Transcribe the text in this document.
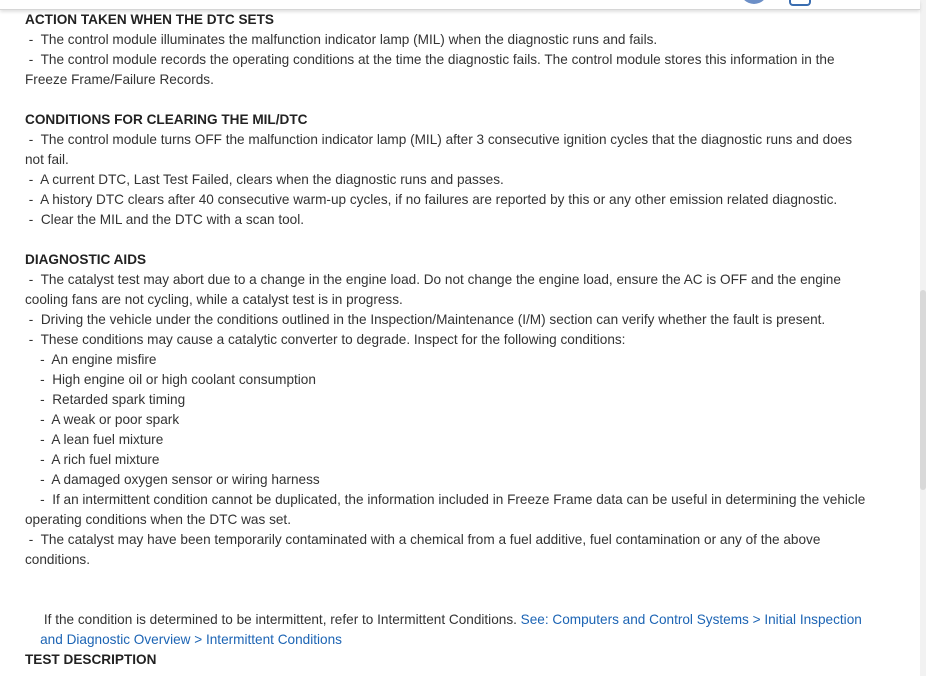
ACTION TAKEN WHEN THE DTC SETS
-  The control module illuminates the malfunction indicator lamp (MIL) when the diagnostic runs and fails.
-  The control module records the operating conditions at the time the diagnostic fails. The control module stores this information in the
Freeze Frame/Failure Records.
CONDITIONS FOR CLEARING THE MIL/DTC
-  The control module turns OFF the malfunction indicator lamp (MIL) after 3 consecutive ignition cycles that the diagnostic runs and does
not fail.
-  A current DTC, Last Test Failed, clears when the diagnostic runs and passes.
-  A history DTC clears after 40 consecutive warm-up cycles, if no failures are reported by this or any other emission related diagnostic.
-  Clear the MIL and the DTC with a scan tool.
DIAGNOSTIC AIDS
-  The catalyst test may abort due to a change in the engine load. Do not change the engine load, ensure the AC is OFF and the engine
cooling fans are not cycling, while a catalyst test is in progress.
-  Driving the vehicle under the conditions outlined in the Inspection/Maintenance (I/M) section can verify whether the fault is present.
-  These conditions may cause a catalytic converter to degrade. Inspect for the following conditions:
-  An engine misfire
-  High engine oil or high coolant consumption
-  Retarded spark timing
-  A weak or poor spark
-  A lean fuel mixture
-  A rich fuel mixture
-  A damaged oxygen sensor or wiring harness
-  If an intermittent condition cannot be duplicated, the information included in Freeze Frame data can be useful in determining the vehicle
operating conditions when the DTC was set.
-  The catalyst may have been temporarily contaminated with a chemical from a fuel additive, fuel contamination or any of the above
conditions.

If the condition is determined to be intermittent, refer to Intermittent Conditions. See: Computers and Control Systems > Initial Inspection

and Diagnostic Overview > Intermittent Conditions

TEST DESCRIPTION
